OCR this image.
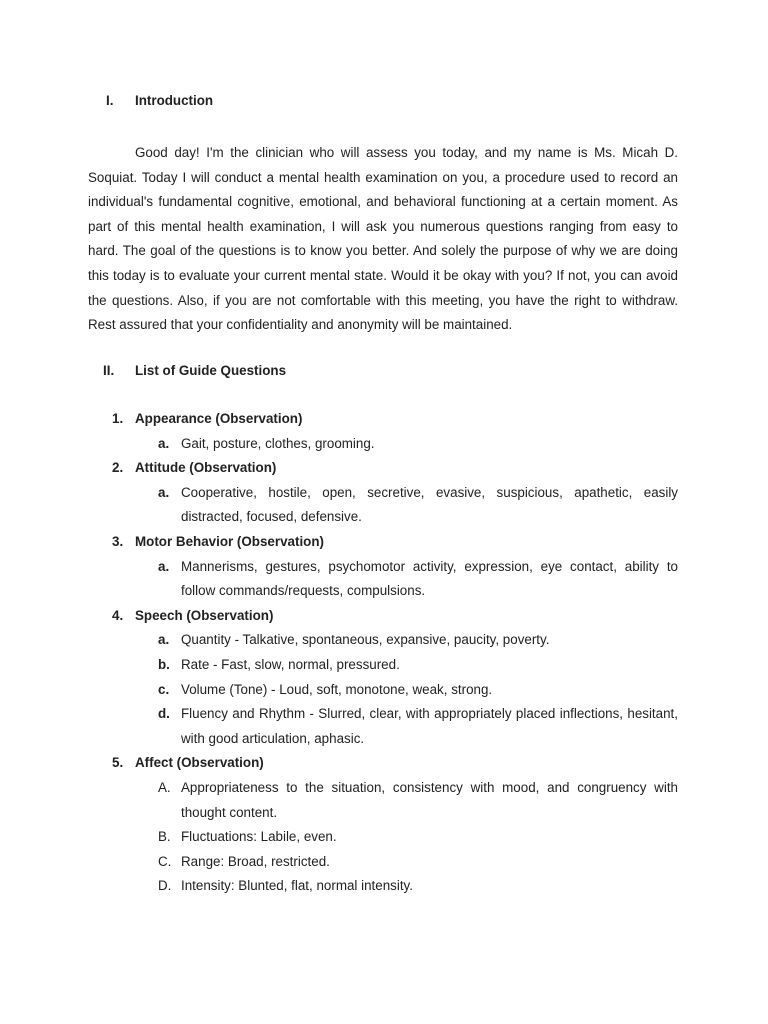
I.	Introduction

Good day! I'm the clinician who will assess you today, and my name is Ms. Micah D. Soquiat. Today I will conduct a mental health examination on you, a procedure used to record an individual's fundamental cognitive, emotional, and behavioral functioning at a certain moment. As part of this mental health examination, I will ask you numerous questions ranging from easy to hard. The goal of the questions is to know you better. And solely the purpose of why we are doing this today is to evaluate your current mental state. Would it be okay with you? If not, you can avoid the questions. Also, if you are not comfortable with this meeting, you have the right to withdraw. Rest assured that your confidentiality and anonymity will be maintained.

II.	List of Guide Questions
1. Appearance (Observation)
a. Gait, posture, clothes, grooming.
2. Attitude (Observation)
a. Cooperative, hostile, open, secretive, evasive, suspicious, apathetic, easily distracted, focused, defensive.
3. Motor Behavior (Observation)
a. Mannerisms, gestures, psychomotor activity, expression, eye contact, ability to follow commands/requests, compulsions.
4. Speech (Observation)
a. Quantity - Talkative, spontaneous, expansive, paucity, poverty.
b. Rate - Fast, slow, normal, pressured.
c. Volume (Tone) - Loud, soft, monotone, weak, strong.
d. Fluency and Rhythm - Slurred, clear, with appropriately placed inflections, hesitant, with good articulation, aphasic.
5. Affect (Observation)
A. Appropriateness to the situation, consistency with mood, and congruency with thought content.
B. Fluctuations: Labile, even.
C. Range: Broad, restricted.
D. Intensity: Blunted, flat, normal intensity.
